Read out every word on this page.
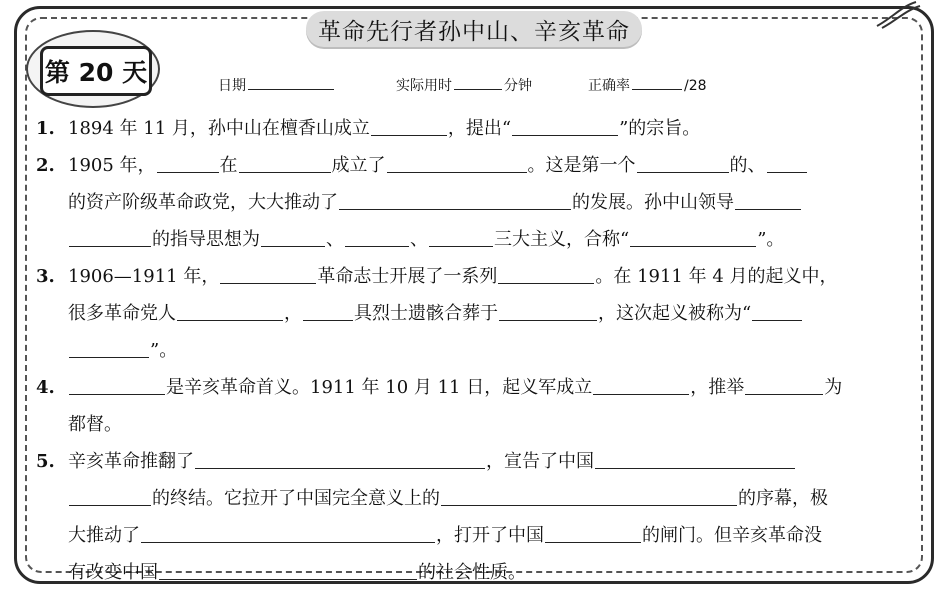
革命先行者孙中山、辛亥革命
第 20 天	日期	实际用时	分钟	正确率	/28
1. 1894 年 11 月，孙中山在檀香山成立	，提出“	”的宗旨。
2. 1905 年，	在	成立了	。这是第一个	的、
的资产阶级革命政党，大大推动了	的发展。孙中山领导
的指导思想为	、	、	三大主义，合称“	”。
3. 1906—1911 年，	革命志士开展了一系列	。在 1911 年 4 月的起义中，
很多革命党人	，	具烈士遗骸合葬于	，这次起义被称为“
”。
4.	是辛亥革命首义。1911 年 10 月 11 日，起义军成立	，推举	为
都督。
5. 辛亥革命推翻了	，宣告了中国
的终结。它拉开了中国完全意义上的	的序幕，极
大推动了	，打开了中国	的闸门。但辛亥革命没
有改变中国	的社会性质。
